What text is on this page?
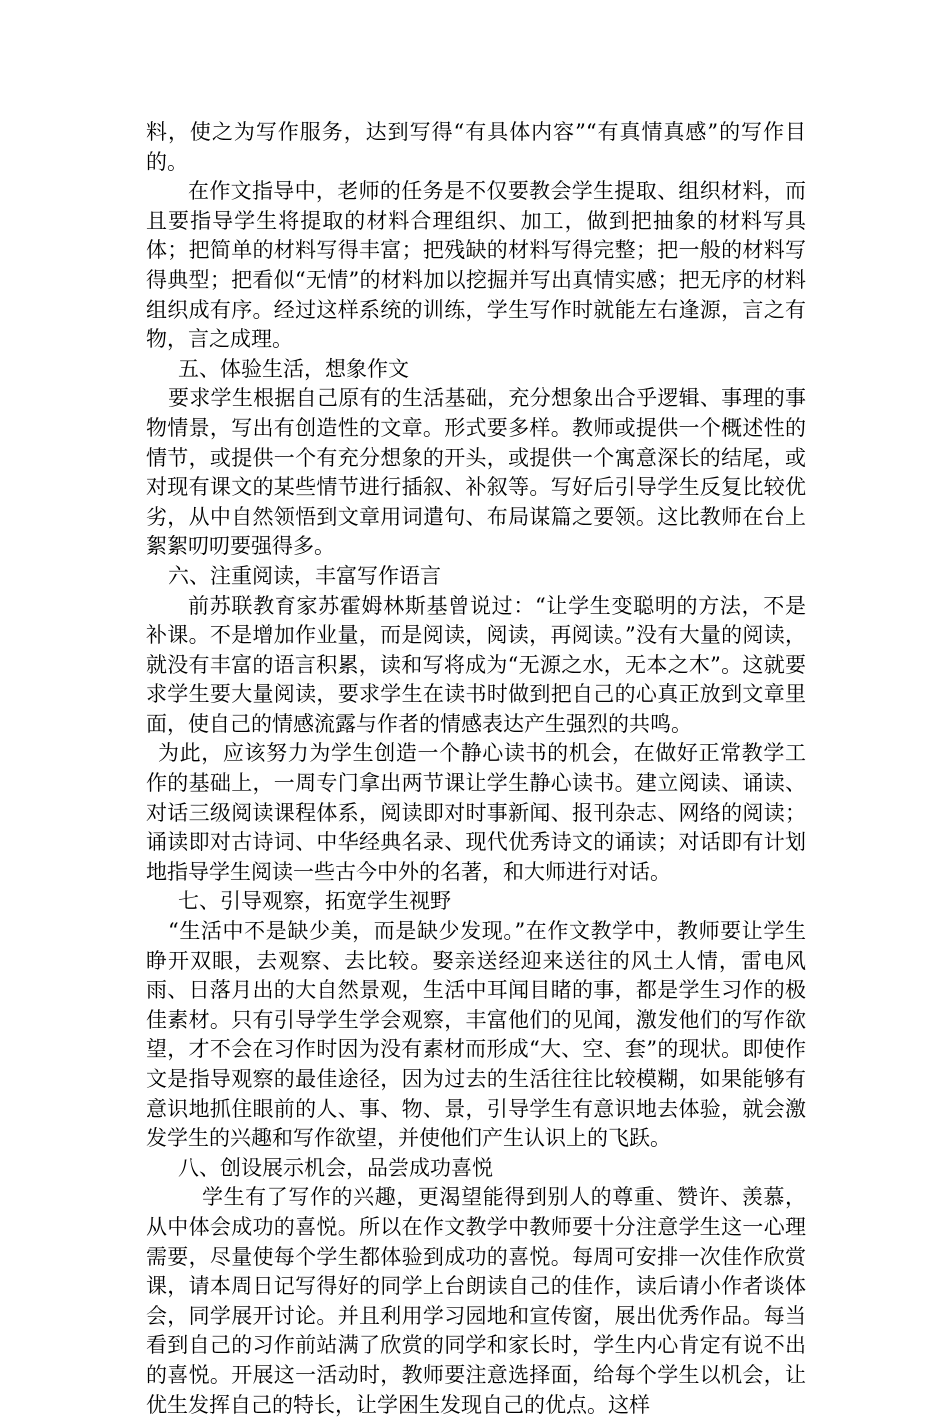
料，使之为写作服务，达到写得“有具体内容”“有真情真感”的写作目的。

在作文指导中，老师的任务是不仅要教会学生提取、组织材料，而且要指导学生将提取的材料合理组织、加工，做到把抽象的材料写具体；把简单的材料写得丰富；把残缺的材料写得完整；把一般的材料写得典型；把看似“无情”的材料加以挖掘并写出真情实感；把无序的材料组织成有序。经过这样系统的训练，学生写作时就能左右逢源，言之有物，言之成理。

五、体验生活，想象作文

要求学生根据自己原有的生活基础，充分想象出合乎逻辑、事理的事物情景，写出有创造性的文章。形式要多样。教师或提供一个概述性的情节，或提供一个有充分想象的开头，或提供一个寓意深长的结尾，或对现有课文的某些情节进行插叙、补叙等。写好后引导学生反复比较优劣，从中自然领悟到文章用词遣句、布局谋篇之要领。这比教师在台上絮絮叨叨要强得多。

六、注重阅读，丰富写作语言

前苏联教育家苏霍姆林斯基曾说过：“让学生变聪明的方法，不是补课。不是增加作业量，而是阅读，阅读，再阅读。”没有大量的阅读，就没有丰富的语言积累，读和写将成为“无源之水，无本之木”。这就要求学生要大量阅读，要求学生在读书时做到把自己的心真正放到文章里面，使自己的情感流露与作者的情感表达产生强烈的共鸣。

为此，应该努力为学生创造一个静心读书的机会，在做好正常教学工作的基础上，一周专门拿出两节课让学生静心读书。建立阅读、诵读、对话三级阅读课程体系，阅读即对时事新闻、报刊杂志、网络的阅读；诵读即对古诗词、中华经典名录、现代优秀诗文的诵读；对话即有计划地指导学生阅读一些古今中外的名著，和大师进行对话。

七、引导观察，拓宽学生视野

“生活中不是缺少美，而是缺少发现。”在作文教学中，教师要让学生睁开双眼，去观察、去比较。娶亲送经迎来送往的风土人情，雷电风雨、日落月出的大自然景观，生活中耳闻目睹的事，都是学生习作的极佳素材。只有引导学生学会观察，丰富他们的见闻，激发他们的写作欲望，才不会在习作时因为没有素材而形成“大、空、套”的现状。即使作文是指导观察的最佳途径，因为过去的生活往往比较模糊，如果能够有意识地抓住眼前的人、事、物、景，引导学生有意识地去体验，就会激发学生的兴趣和写作欲望，并使他们产生认识上的飞跃。

八、创设展示机会，品尝成功喜悦

学生有了写作的兴趣，更渴望能得到别人的尊重、赞许、羡慕，从中体会成功的喜悦。所以在作文教学中教师要十分注意学生这一心理需要，尽量使每个学生都体验到成功的喜悦。每周可安排一次佳作欣赏课，请本周日记写得好的同学上台朗读自己的佳作，读后请小作者谈体会，同学展开讨论。并且利用学习园地和宣传窗，展出优秀作品。每当看到自己的习作前站满了欣赏的同学和家长时，学生内心肯定有说不出的喜悦。开展这一活动时，教师要注意选择面，给每个学生以机会，让优生发挥自己的特长，让学困生发现自己的优点。这样
